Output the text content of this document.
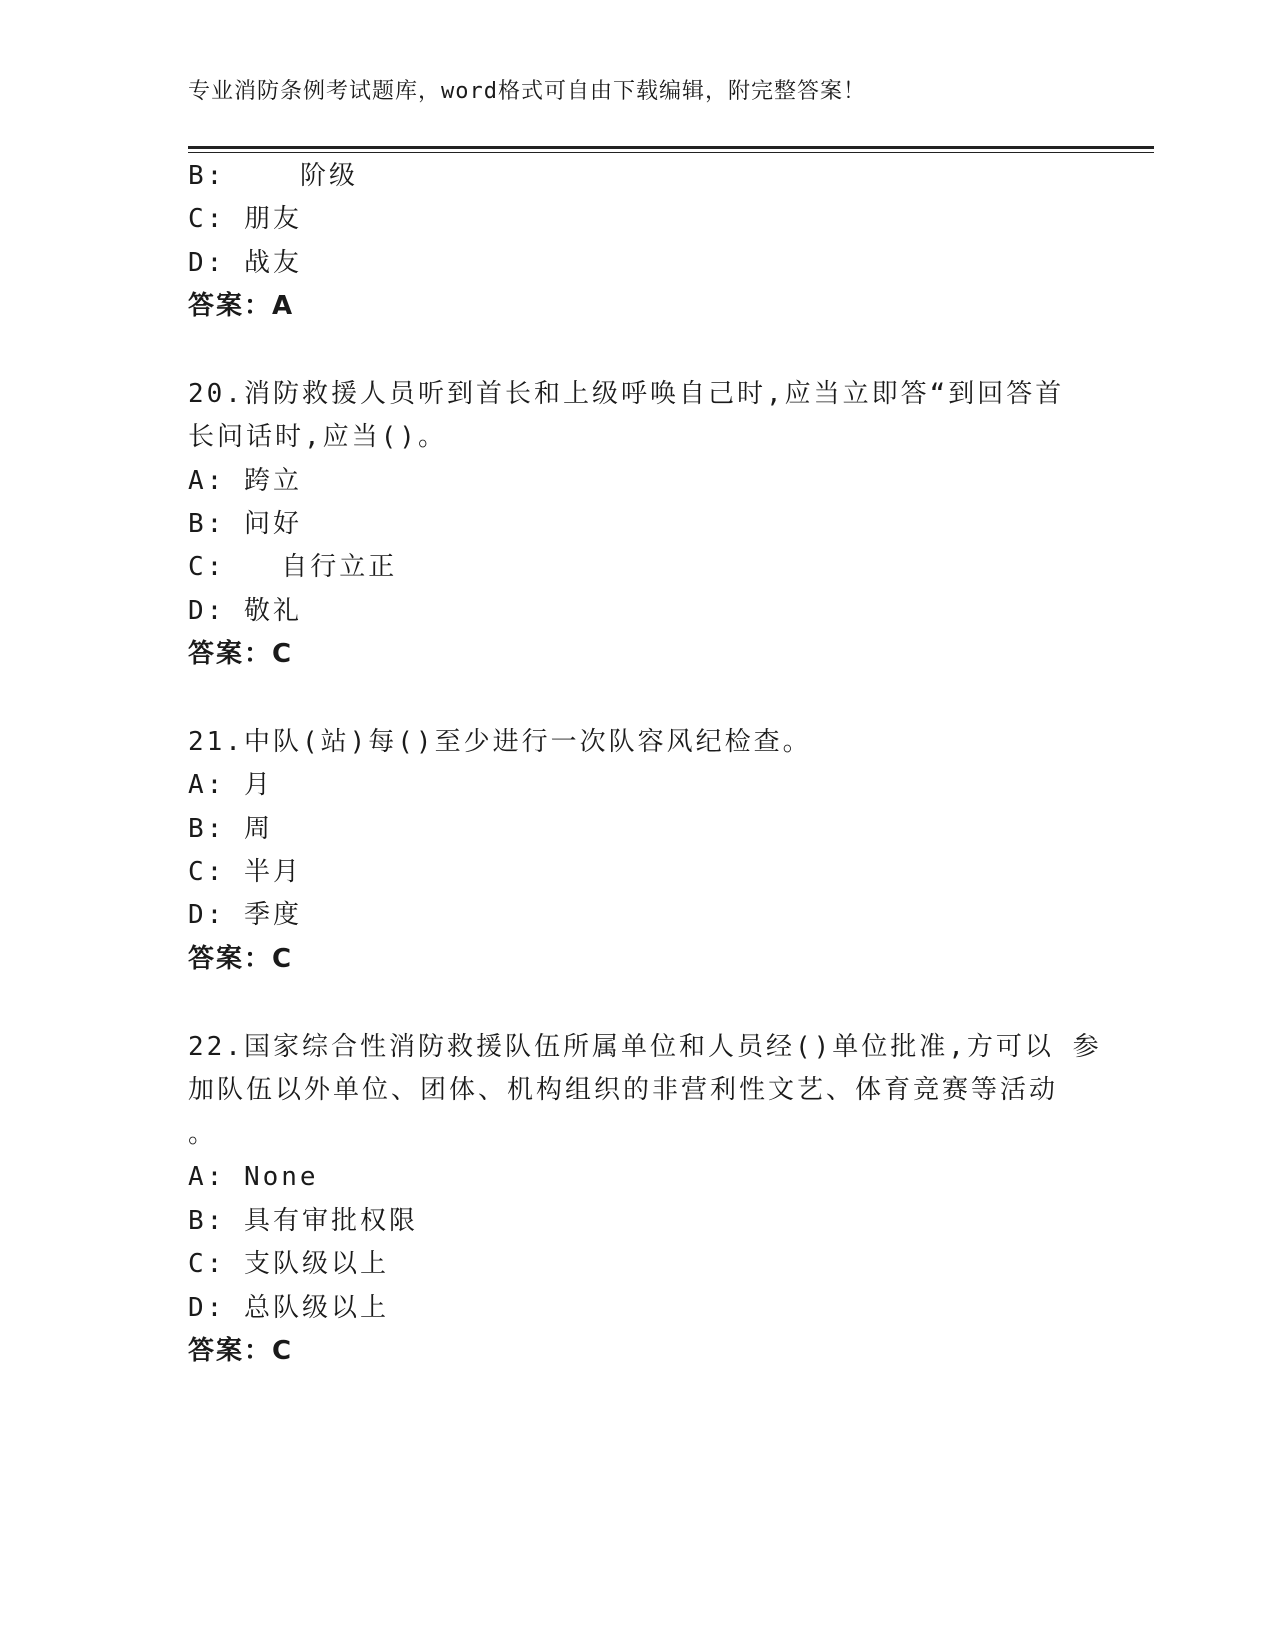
专业消防条例考试题库，word格式可自由下载编辑，附完整答案！
B:	阶级
C: 朋友
D: 战友
答案：A
20.消防救援人员听到首长和上级呼唤自己时,应当立即答“到回答首
长问话时,应当()。
A: 跨立
B: 问好
C: 自行立正
D: 敬礼
答案：C
21.中队(站)每()至少进行一次队容风纪检查。
A: 月
B: 周
C: 半月
D: 季度
答案：C
22.国家综合性消防救援队伍所属单位和人员经()单位批准,方可以 参
加队伍以外单位、团体、机构组织的非营利性文艺、体育竞赛等活动
。
A: None
B: 具有审批权限
C: 支队级以上
D: 总队级以上
答案：C
